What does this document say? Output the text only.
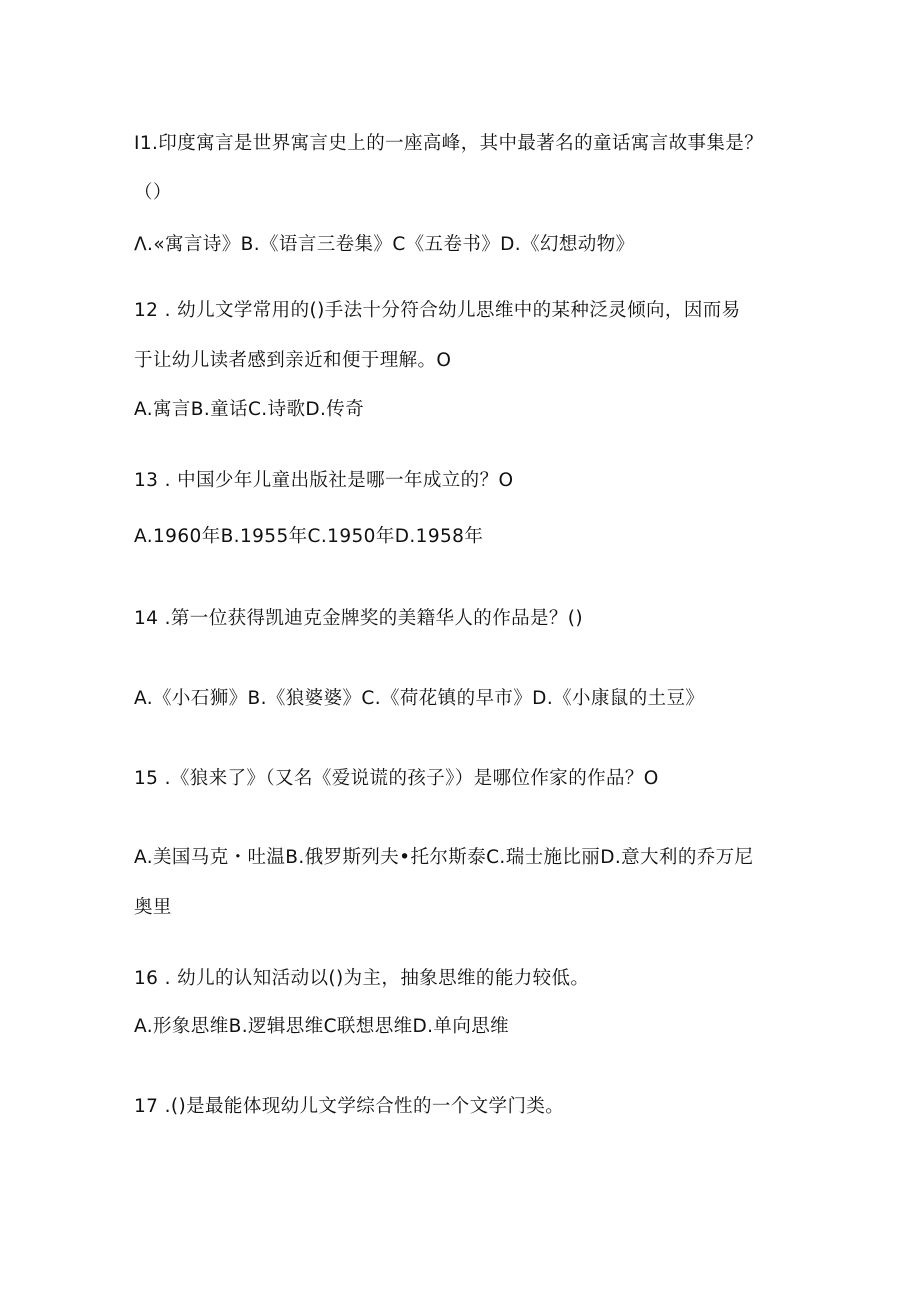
I1.印度寓言是世界寓言史上的一座高峰，其中最著名的童话寓言故事集是？
（）
Λ.«寓言诗》B.《语言三卷集》C《五卷书》D.《幻想动物》
12 . 幼儿文学常用的()手法十分符合幼儿思维中的某种泛灵倾向，因而易
于让幼儿读者感到亲近和便于理解。O
A.寓言B.童话C.诗歌D.传奇
13 . 中国少年儿童出版社是哪一年成立的？O
A.1960年B.1955年C.1950年D.1958年
14 .第一位获得凯迪克金牌奖的美籍华人的作品是？()
A.《小石狮》B.《狼婆婆》C.《荷花镇的早市》D.《小康鼠的土豆》
15 .《狼来了》（又名《爱说谎的孩子》）是哪位作家的作品？O
A.美国马克・吐温B.俄罗斯列夫•托尔斯泰C.瑞士施比丽D.意大利的乔万尼
奥里
16 . 幼儿的认知活动以()为主，抽象思维的能力较低。
A.形象思维B.逻辑思维C联想思维D.单向思维
17 .()是最能体现幼儿文学综合性的一个文学门类。
